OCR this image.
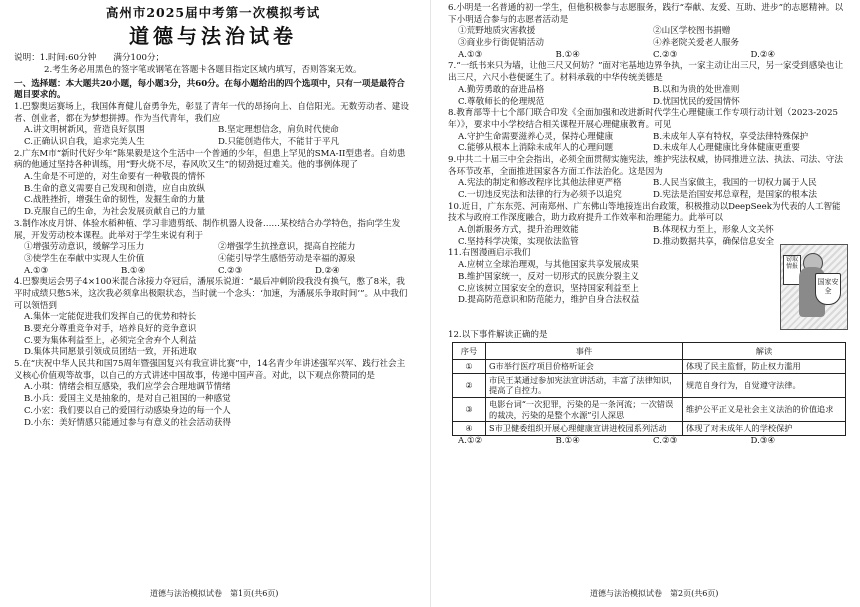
高州市2025届中考第一次模拟考试
道德与法治试卷

说明：1.时间:60分钟　　满分100分；

2.考生务必用黑色的签字笔或钢笔在答题卡各题目指定区域内填写，否则答案无效。

一、选择题：本大题共20小题，每小题3分，共60分。在每小题给出的四个选项中，只有一项是最符合题目要求的。

1.巴黎奥运赛场上，我国体育健儿奋勇争先，彰显了青年一代的昂扬向上、自信阳光。无数劳动者、建设者、创业者，都在为梦想拼搏。作为当代青年，我们应

A.讲文明树新风，营造良好氛围	B.坚定理想信念，肩负时代使命
C.正确认识自我，追求完美人生	D.只能创造伟大，不能甘于平凡

2.广东M市“新时代好少年”陈果毅是这个生活中一个普通的少年，但患上罕见的SMA-II型患者。自幼患病的他通过坚持各种训练，用“野火烧不尽，春风吹又生”的韧劲挺过难关。他的事例体现了

A.生命是不可逆的，对生命要有一种敬畏的情怀

B.生命的意义需要自己发现和创造，应自由放纵

C.战胜挫折，增强生命的韧性，发掘生命的力量

D.克服自己的生命，为社会发展贡献自己的力量

3.制作冰皮月饼、体验水稻种植、学习非遗剪纸、制作机器人设备……某校结合办学特色，指向学生发展，开发劳动校本课程。此举对于学生来说有利于

①增强劳动意识，缓解学习压力	②增强学生抗挫意识，提高自控能力
③使学生在奉献中实现人生价值	④能引导学生感悟劳动是幸福的源泉
A.①③	B.①④	C.②③	D.②④

4.巴黎奥运会男子4×100米混合泳接力夺冠后，潘展乐说道：“最后冲刺阶段我没有换气，憋了8米，我平时成绩只憋5米，这次我必须拿出极限状态，当时就一个念头：‘加速，为潘展乐争取时间’”。从中我们可以领悟到

A.集体一定能促进我们发挥自己的优势和特长

B.要充分尊重竞争对手，培养良好的竞争意识

C.要为集体利益至上，必须完全舍弃个人利益

D.集体共同愿景引领成员团结一致，开拓进取

5.在“庆祝中华人民共和国75周年暨强国复兴有我宣讲比赛”中，14名青少年讲述强军兴军、践行社会主义核心价值观等故事，以自己的方式讲述中国故事，传递中国声音。对此，以下观点你赞同的是

A.小琪：情绪会相互感染，我们应学会合理地调节情绪

B.小兵：爱国主义是抽象的，是对自己祖国的一种感觉

C.小宏：我们要以自己的爱国行动感染身边的每一个人

D.小东：美好情感只能通过参与有意义的社会活动获得

6.小明是一名普通的初一学生，但他积极参与志愿服务，践行“奉献、友爱、互助、进步”的志愿精神。以下小明适合参与的志愿者活动是

①荒野地质灾害救援	②山区学校图书捐赠
③商业步行街促销活动	④养老院关爱老人服务
A.①③	B.①④	C.②③	D.②④

7.“一纸书来只为墙，让他三尺又何妨？”面对宅基地边界争执，一家主动让出三尺，另一家受到感染也让出三尺，六尺小巷便诞生了。材料承载的中华传统美德是

A.勤劳勇敢的奋进品格	B.以和为贵的处世准则
C.尊敬师长的伦理规范	D.忧国忧民的爱国情怀

8.教育部等十七个部门联合印发《全面加强和改进新时代学生心理健康工作专项行动计划（2023-2025年）》，要求中小学校结合相关课程开展心理健康教育。可见

A.守护生命需要滋养心灵，保持心理健康	B.未成年人享有特权，享受法律特殊保护
C.能够从根本上消除未成年人的心理问题	D.未成年人心理健康比身体健康更重要

9.中共二十届三中全会指出，必须全面贯彻实施宪法，维护宪法权威，协同推进立法、执法、司法、守法各环节改革，全面推进国家各方面工作法治化。这是因为

A.宪法的制定和修改程序比其他法律更严格	B.人民当家做主，我国的一切权力属于人民
C.一切违反宪法和法律的行为必须予以追究	D.宪法是治国安邦总章程，是国家的根本法

10.近日，广东东莞、河南郑州、广东佛山等地接连出台政策，积极推动以DeepSeek为代表的人工智能技术与政府工作深度融合，助力政府提升工作效率和治理能力。此举可以

A.创新服务方式，提升治理效能	B.体现权力至上，形象人文关怀
C.坚持科学决策，实现依法监管	D.推动数据共享，确保信息安全

11.右图漫画启示我们

A.应树立全球治理观，与其他国家共享发展成果

B.维护国家统一，反对一切形式的民族分裂主义

C.应该树立国家安全的意识，坚持国家利益至上

D.提高防范意识和防范能力，维护自身合法权益

窃取情报
国家安全

12.以下事件解读正确的是

序号	事件	解读
①	G市举行医疗项目价格听证会	体现了民主监督，防止权力滥用
②	市民王某通过参加宪法宣讲活动，丰富了法律知识，提高了自控力。	规范自身行为，自觉遵守法律。
③	电影台词“一次犯罪，污染的是一条河流；一次错误的裁决，污染的是整个水源”引人深思	维护公平正义是社会主义法治的价值追求
④	S市卫健委组织开展心理健康宣讲进校园系列活动	体现了对未成年人的学校保护
A.①②	B.①④	C.②③	D.③④
道德与法治模拟试卷　第1页(共6页)	道德与法治模拟试卷　第2页(共6页)
